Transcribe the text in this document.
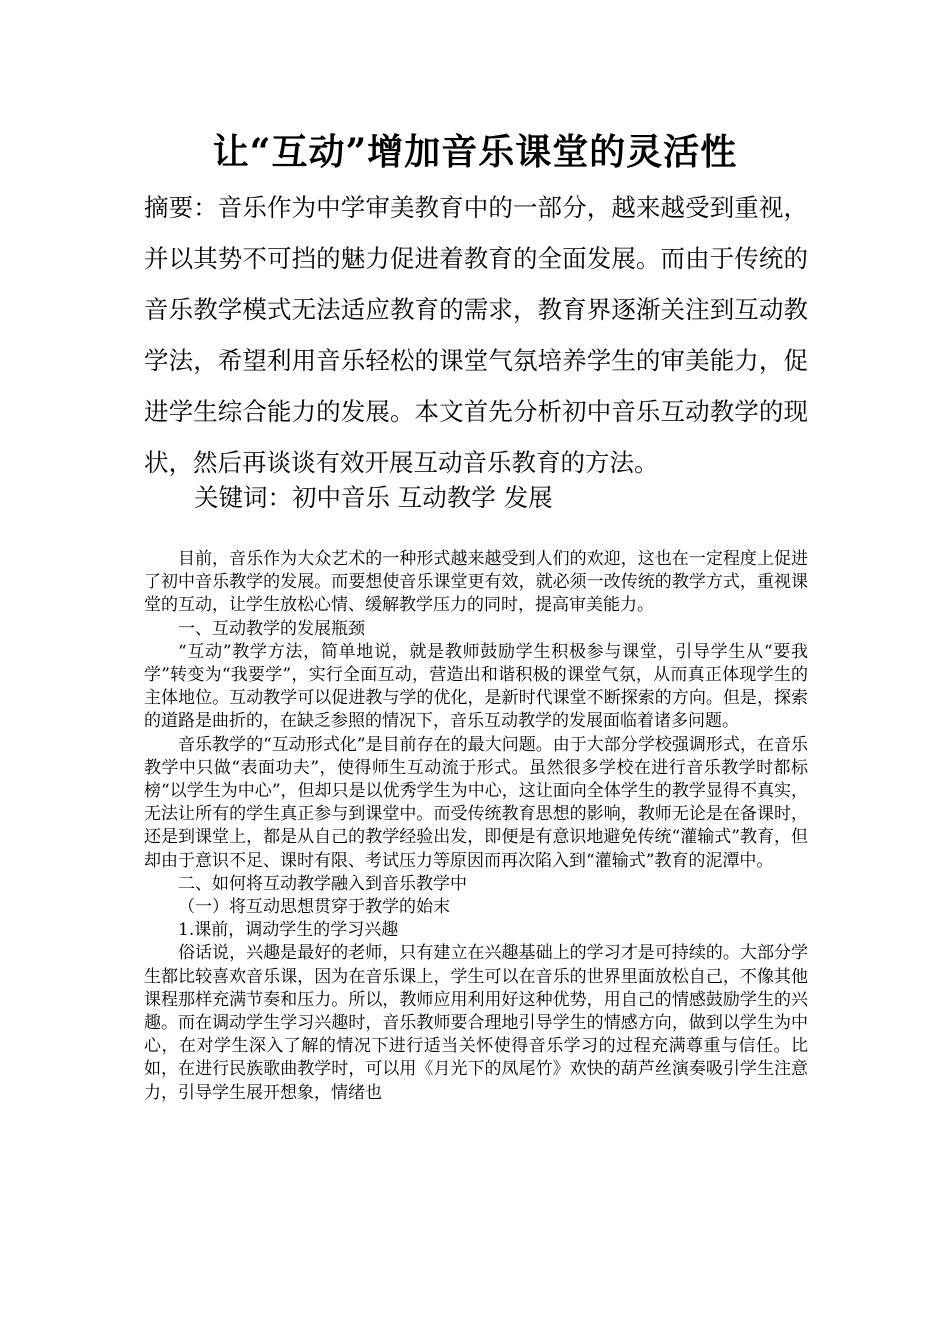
让“互动”增加音乐课堂的灵活性

摘要：音乐作为中学审美教育中的一部分，越来越受到重视，并以其势不可挡的魅力促进着教育的全面发展。而由于传统的音乐教学模式无法适应教育的需求，教育界逐渐关注到互动教学法，希望利用音乐轻松的课堂气氛培养学生的审美能力，促进学生综合能力的发展。本文首先分析初中音乐互动教学的现状，然后再谈谈有效开展互动音乐教育的方法。

关键词：初中音乐 互动教学 发展

目前，音乐作为大众艺术的一种形式越来越受到人们的欢迎，这也在一定程度上促进了初中音乐教学的发展。而要想使音乐课堂更有效，就必须一改传统的教学方式，重视课堂的互动，让学生放松心情、缓解教学压力的同时，提高审美能力。

一、互动教学的发展瓶颈

“互动”教学方法，简单地说，就是教师鼓励学生积极参与课堂，引导学生从“要我学”转变为“我要学”，实行全面互动，营造出和谐积极的课堂气氛，从而真正体现学生的主体地位。互动教学可以促进教与学的优化，是新时代课堂不断探索的方向。但是，探索的道路是曲折的，在缺乏参照的情况下，音乐互动教学的发展面临着诸多问题。

音乐教学的“互动形式化”是目前存在的最大问题。由于大部分学校强调形式，在音乐教学中只做“表面功夫”，使得师生互动流于形式。虽然很多学校在进行音乐教学时都标榜“以学生为中心”，但却只是以优秀学生为中心，这让面向全体学生的教学显得不真实，无法让所有的学生真正参与到课堂中。而受传统教育思想的影响，教师无论是在备课时，还是到课堂上，都是从自己的教学经验出发，即便是有意识地避免传统“灌输式”教育，但却由于意识不足、课时有限、考试压力等原因而再次陷入到“灌输式”教育的泥潭中。

二、如何将互动教学融入到音乐教学中

（一）将互动思想贯穿于教学的始末

1.课前，调动学生的学习兴趣

俗话说，兴趣是最好的老师，只有建立在兴趣基础上的学习才是可持续的。大部分学生都比较喜欢音乐课，因为在音乐课上，学生可以在音乐的世界里面放松自己，不像其他课程那样充满节奏和压力。所以，教师应用利用好这种优势，用自己的情感鼓励学生的兴趣。而在调动学生学习兴趣时，音乐教师要合理地引导学生的情感方向，做到以学生为中心，在对学生深入了解的情况下进行适当关怀使得音乐学习的过程充满尊重与信任。比如，在进行民族歌曲教学时，可以用《月光下的凤尾竹》欢快的葫芦丝演奏吸引学生注意力，引导学生展开想象，情绪也
